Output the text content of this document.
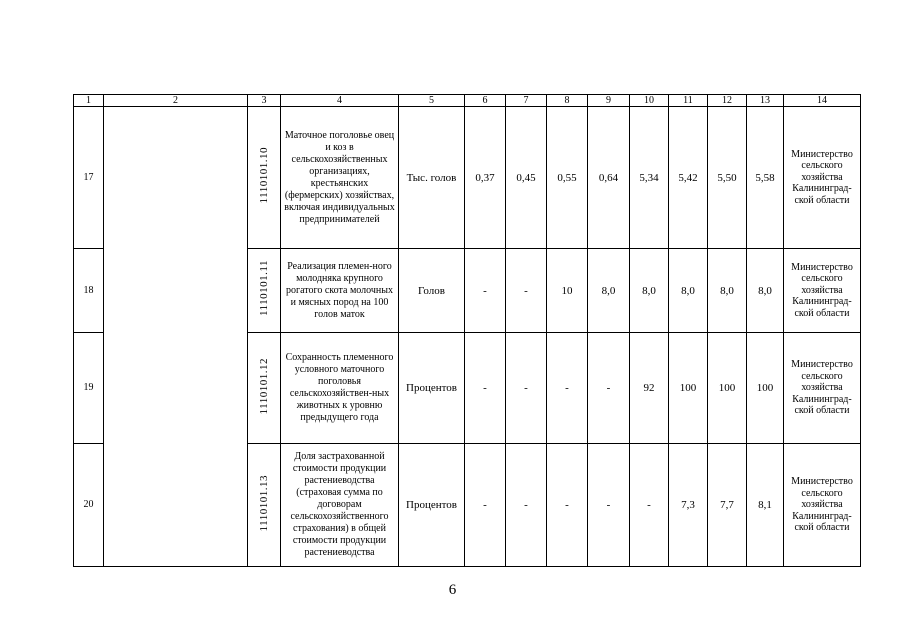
1	2	3	4	5	6	7	8	9	10	11	12	13	14
17		1110101.10	Маточное поголовье овец и коз в сельскохозяйственных организациях, крестьянских (фермерских) хозяйствах, включая индивидуальных предпринимателей	Тыс. голов	0,37	0,45	0,55	0,64	5,34	5,42	5,50	5,58	Министерство сельского хозяйства Калининград-ской области
18		1110101.11	Реализация племен-ного молодняка крупного рогатого скота молочных и мясных пород на 100 голов маток	Голов	-	-	10	8,0	8,0	8,0	8,0	8,0	Министерство сельского хозяйства Калининград-ской области
19		1110101.12	Сохранность племенного условного маточного поголовья сельскохозяйствен-ных животных к уровню предыдущего года	Процентов	-	-	-	-	92	100	100	100	Министерство сельского хозяйства Калининград-ской области
20		1110101.13	Доля застрахованной стоимости продукции растениеводства (страховая сумма по договорам сельскохозяйственного страхования) в общей стоимости продукции растениеводства	Процентов	-	-	-	-	-	7,3	7,7	8,1	Министерство сельского хозяйства Калининград-ской области
6
